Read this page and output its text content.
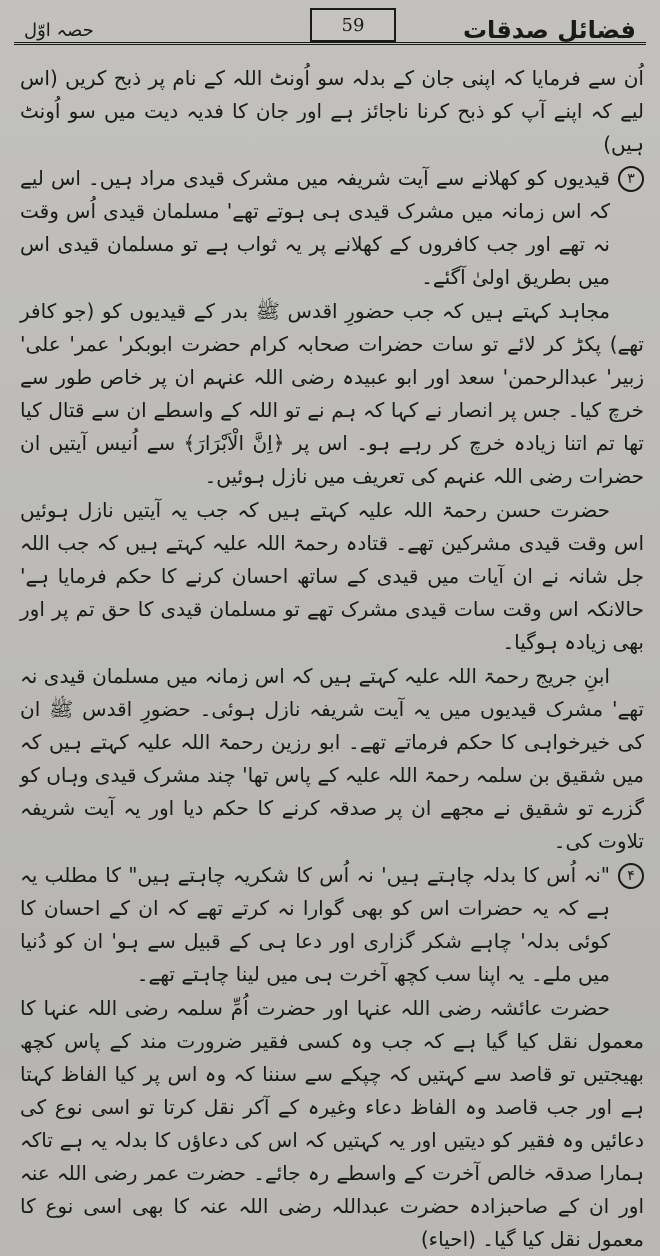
حصہ اوّل	59	فضائل صدقات

اُن سے فرمایا کہ اپنی جان کے بدلہ سو اُونٹ اللہ کے نام پر ذبح کریں (اس لیے کہ اپنے آپ کو ذبح کرنا ناجائز ہے اور جان کا فدیہ دیت میں سو اُونٹ ہیں)

۳
قیدیوں کو کھلانے سے آیت شریفہ میں مشرک قیدی مراد ہیں۔ اس لیے کہ اس زمانہ میں مشرک قیدی ہی ہوتے تھے' مسلمان قیدی اُس وقت نہ تھے اور جب کافروں کے کھلانے پر یہ ثواب ہے تو مسلمان قیدی اس میں بطریق اولیٰ آگئے۔

مجاہد کہتے ہیں کہ جب حضورِ اقدس ﷺ بدر کے قیدیوں کو (جو کافر تھے) پکڑ کر لائے تو سات حضرات صحابہ کرام حضرت ابوبکر' عمر' علی' زبیر' عبدالرحمن' سعد اور ابو عبیدہ رضی اللہ عنہم ان پر خاص طور سے خرچ کیا۔ جس پر انصار نے کہا کہ ہم نے تو اللہ کے واسطے ان سے قتال کیا تھا تم اتنا زیادہ خرچ کر رہے ہو۔ اس پر ﴿اِنَّ الْاَبْرَارَ﴾ سے اُنیس آیتیں ان حضرات رضی اللہ عنہم کی تعریف میں نازل ہوئیں۔

حضرت حسن رحمۃ اللہ علیہ کہتے ہیں کہ جب یہ آیتیں نازل ہوئیں اس وقت قیدی مشرکین تھے۔ قتادہ رحمۃ اللہ علیہ کہتے ہیں کہ جب اللہ جل شانہ نے ان آیات میں قیدی کے ساتھ احسان کرنے کا حکم فرمایا ہے' حالانکہ اس وقت سات قیدی مشرک تھے تو مسلمان قیدی کا حق تم پر اور بھی زیادہ ہوگیا۔

ابنِ جریج رحمۃ اللہ علیہ کہتے ہیں کہ اس زمانہ میں مسلمان قیدی نہ تھے' مشرک قیدیوں میں یہ آیت شریفہ نازل ہوئی۔ حضورِ اقدس ﷺ ان کی خیرخواہی کا حکم فرماتے تھے۔ ابو رزین رحمۃ اللہ علیہ کہتے ہیں کہ میں شقیق بن سلمہ رحمۃ اللہ علیہ کے پاس تھا' چند مشرک قیدی وہاں کو گزرے تو شقیق نے مجھے ان پر صدقہ کرنے کا حکم دیا اور یہ آیت شریفہ تلاوت کی۔

۴
"نہ اُس کا بدلہ چاہتے ہیں' نہ اُس کا شکریہ چاہتے ہیں" کا مطلب یہ ہے کہ یہ حضرات اس کو بھی گوارا نہ کرتے تھے کہ ان کے احسان کا کوئی بدلہ' چاہے شکر گزاری اور دعا ہی کے قبیل سے ہو' ان کو دُنیا میں ملے۔ یہ اپنا سب کچھ آخرت ہی میں لینا چاہتے تھے۔

حضرت عائشہ رضی اللہ عنہا اور حضرت اُمِّ سلمہ رضی اللہ عنہا کا معمول نقل کیا گیا ہے کہ جب وہ کسی فقیر ضرورت مند کے پاس کچھ بھیجتیں تو قاصد سے کہتیں کہ چپکے سے سننا کہ وہ اس پر کیا الفاظ کہتا ہے اور جب قاصد وہ الفاظ دعاء وغیرہ کے آکر نقل کرتا تو اسی نوع کی دعائیں وہ فقیر کو دیتیں اور یہ کہتیں کہ اس کی دعاؤں کا بدلہ یہ ہے تاکہ ہمارا صدقہ خالص آخرت کے واسطے رہ جائے۔ حضرت عمر رضی اللہ عنہ اور ان کے صاحبزادہ حضرت عبداللہ رضی اللہ عنہ کا بھی اسی نوع کا معمول نقل کیا گیا۔ (احیاء)
